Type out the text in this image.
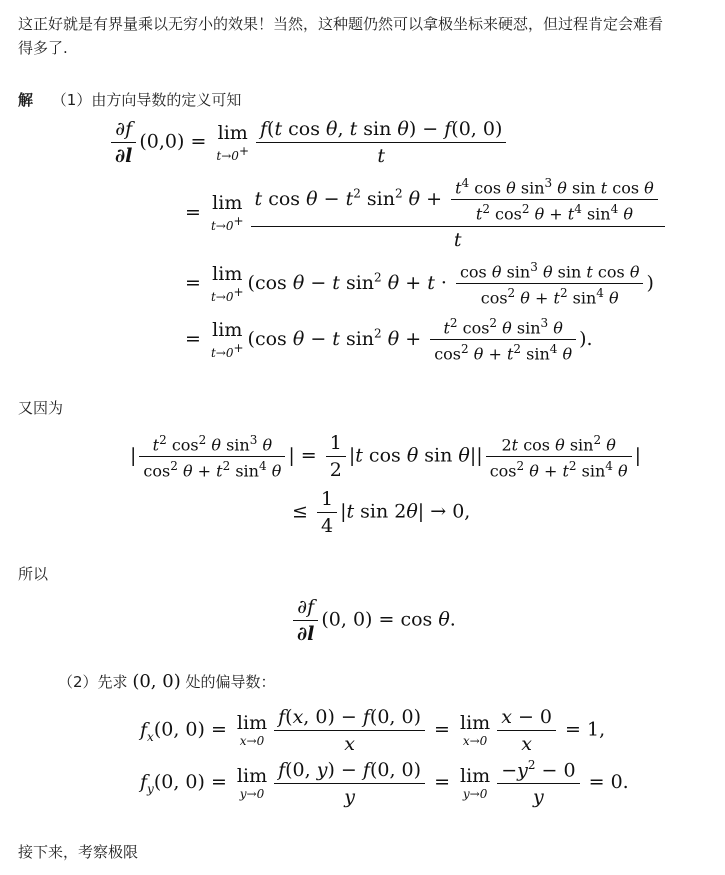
这正好就是有界量乘以无穷小的效果！当然，这种题仍然可以拿极坐标来硬怼，但过程肯定会难看
得多了.
解 （1）由方向导数的定义可知
$\frac{\partial f}{\partial l} (0,0) = \lim$
$t\to 0^+ \frac{\text{f(t cos θ, t sin θ) − f(0, 0)}}{t}$
= lim
t→0+
t $\cos \theta - t^2$ $\sin^2 \theta + \frac{t^4 \cos \theta \sin^3 \theta \sin t \cos \theta}{t^2 \cos^2 \theta + t^4 \sin^4 \theta}$
t
= lim
t→0+ (cos θ − t $\sin^2 \theta + t \cdot \frac{\cos \theta \sin^3 \theta \sin t \cos \theta}{\cos^2 \theta + t^2 \sin^4 \theta}$ )
= lim
t→0+ (cos θ − t $\sin^2 \theta + \frac{t^2 \cos^2 \theta \sin^3 \theta}{\cos^2 \theta + t^2 \sin^4 \theta}$ ).
又因为
| $\frac{t^2 \cos^2 \theta \sin^3 \theta}{\cos^2 \theta + t^2 \sin^4 \theta}$ | = $\frac{1}{2} |t$ cos θ $\sin \theta|| \frac{2t \cos \theta \sin^2 \theta}{\cos^2 \theta + t^2 \sin^4 \theta}$ |
≤ $\frac{1}{4} |t$ sin 2θ| → 0,
所以
$\frac{\partial f}{\partial l} (0$, 0) = cos θ.
（2）先求 (0, 0) 处的偏导数：
$f_x(0$, 0) = lim
$x\to 0 \frac{f(x, 0) - f(0, 0)}{x} = \lim$
$x\to 0 \frac{x - 0}{x} = 1$,
$f_y(0$, 0) = lim
$y\to 0 \frac{f(0, y) - f(0, 0)}{y} = \lim$
$y\to 0 \frac{-y^2 - 0}{y} = 0$.
接下来，考察极限
